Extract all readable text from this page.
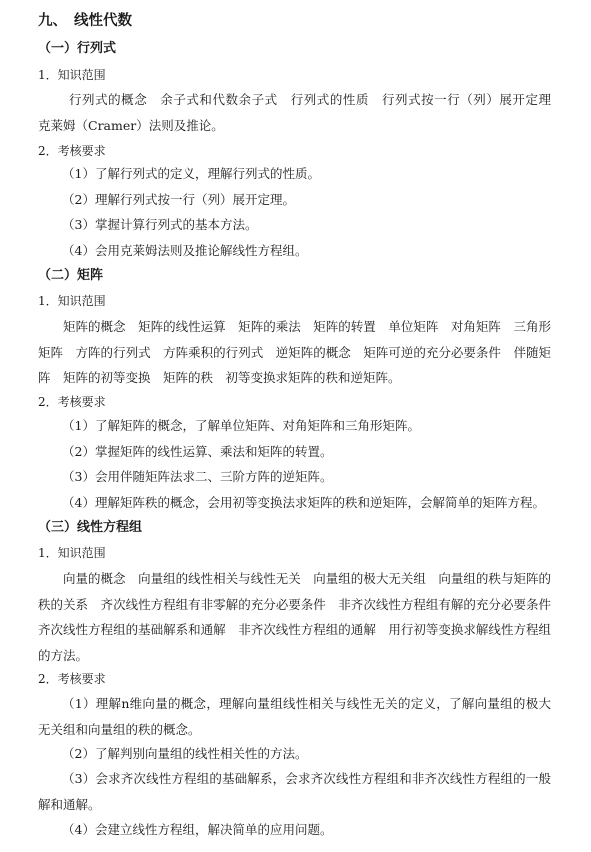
九、 线性代数
（一）行列式
1．知识范围
行列式的概念　余子式和代数余子式　行列式的性质　行列式按一行（列）展开定理　克莱姆（Cramer）法则及推论。
2．考核要求
（1）了解行列式的定义，理解行列式的性质。
（2）理解行列式按一行（列）展开定理。
（3）掌握计算行列式的基本方法。
（4）会用克莱姆法则及推论解线性方程组。
（二）矩阵
1．知识范围
矩阵的概念　矩阵的线性运算　矩阵的乘法　矩阵的转置　单位矩阵　对角矩阵　三角形矩阵　方阵的行列式　方阵乘积的行列式　逆矩阵的概念　矩阵可逆的充分必要条件　伴随矩阵　矩阵的初等变换　矩阵的秩　初等变换求矩阵的秩和逆矩阵。
2．考核要求
（1）了解矩阵的概念，了解单位矩阵、对角矩阵和三角形矩阵。
（2）掌握矩阵的线性运算、乘法和矩阵的转置。
（3）会用伴随矩阵法求二、三阶方阵的逆矩阵。
（4）理解矩阵秩的概念，会用初等变换法求矩阵的秩和逆矩阵，会解简单的矩阵方程。
（三）线性方程组
1．知识范围
向量的概念　向量组的线性相关与线性无关　向量组的极大无关组　向量组的秩与矩阵的秩的关系　齐次线性方程组有非零解的充分必要条件　非齐次线性方程组有解的充分必要条件　齐次线性方程组的基础解系和通解　非齐次线性方程组的通解　用行初等变换求解线性方程组的方法。
2．考核要求
（1）理解n维向量的概念，理解向量组线性相关与线性无关的定义，了解向量组的极大无关组和向量组的秩的概念。
（2）了解判别向量组的线性相关性的方法。
（3）会求齐次线性方程组的基础解系，会求齐次线性方程组和非齐次线性方程组的一般解和通解。
（4）会建立线性方程组，解决简单的应用问题。
